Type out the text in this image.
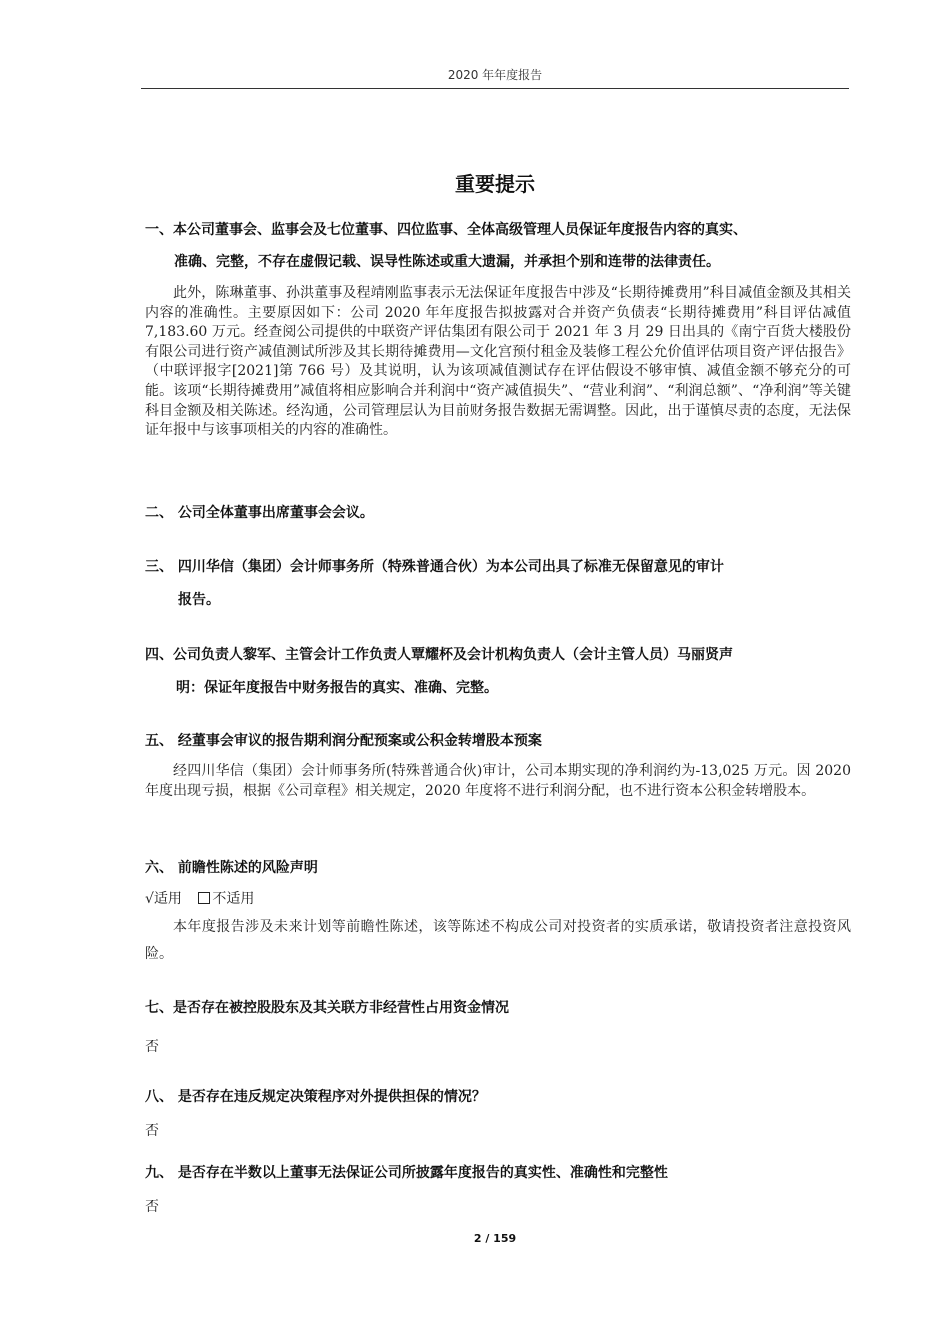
2020 年年度报告
重要提示
一、本公司董事会、监事会及七位董事、四位监事、全体高级管理人员保证年度报告内容的真实、
准确、完整，不存在虚假记载、误导性陈述或重大遗漏，并承担个别和连带的法律责任。
此外，陈琳董事、孙洪董事及程靖刚监事表示无法保证年度报告中涉及“长期待摊费用”科目减值金额及其相关内容的准确性。主要原因如下：公司 2020 年年度报告拟披露对合并资产负债表“长期待摊费用”科目评估减值 7,183.60 万元。经查阅公司提供的中联资产评估集团有限公司于 2021 年 3 月 29 日出具的《南宁百货大楼股份有限公司进行资产减值测试所涉及其长期待摊费用—文化宫预付租金及装修工程公允价值评估项目资产评估报告》（中联评报字[2021]第 766 号）及其说明，认为该项减值测试存在评估假设不够审慎、减值金额不够充分的可能。该项“长期待摊费用”减值将相应影响合并利润中“资产减值损失”、“营业利润”、“利润总额”、“净利润”等关键科目金额及相关陈述。经沟通，公司管理层认为目前财务报告数据无需调整。因此，出于谨慎尽责的态度，无法保证年报中与该事项相关的内容的准确性。
二、 公司全体董事出席董事会会议。
三、 四川华信（集团）会计师事务所（特殊普通合伙）为本公司出具了标准无保留意见的审计
报告。
四、公司负责人黎军、主管会计工作负责人覃耀杯及会计机构负责人（会计主管人员）马丽贤声
明：保证年度报告中财务报告的真实、准确、完整。
五、 经董事会审议的报告期利润分配预案或公积金转增股本预案
经四川华信（集团）会计师事务所(特殊普通合伙)审计，公司本期实现的净利润约为-13,025 万元。因 2020 年度出现亏损，根据《公司章程》相关规定，2020 年度将不进行利润分配，也不进行资本公积金转增股本。
六、 前瞻性陈述的风险声明
√适用 不适用
本年度报告涉及未来计划等前瞻性陈述，该等陈述不构成公司对投资者的实质承诺，敬请投资者注意投资风险。
七、是否存在被控股股东及其关联方非经营性占用资金情况
否
八、 是否存在违反规定决策程序对外提供担保的情况？
否
九、 是否存在半数以上董事无法保证公司所披露年度报告的真实性、准确性和完整性
否
2 / 159
